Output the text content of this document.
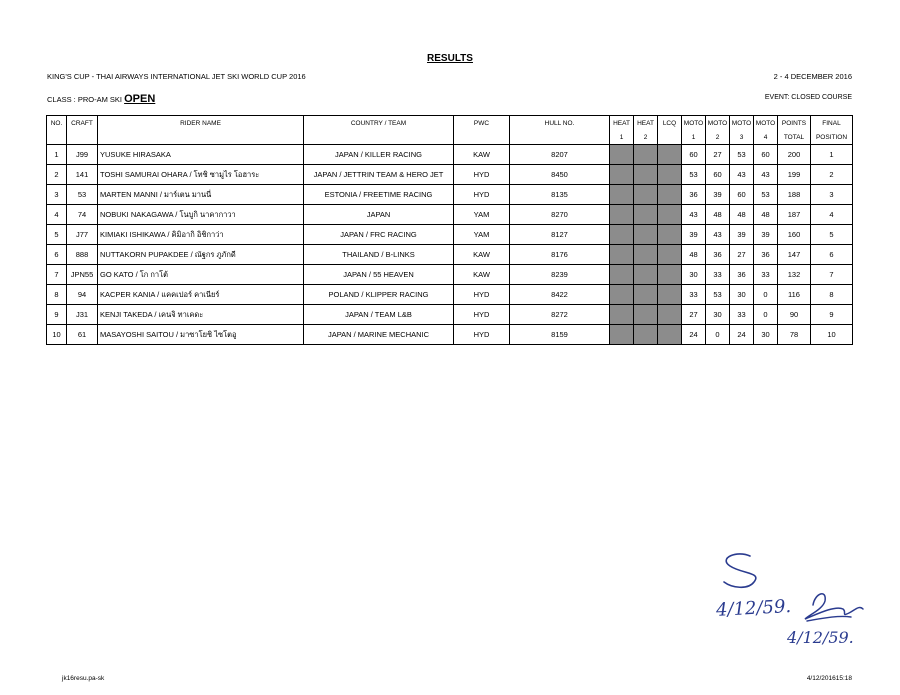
RESULTS
KING'S CUP - THAI AIRWAYS INTERNATIONAL JET SKI WORLD CUP 2016	2 - 4 DECEMBER 2016
CLASS : PRO-AM SKI OPEN	EVENT: CLOSED COURSE
NO.	CRAFT	RIDER NAME	COUNTRY / TEAM	PWC	HULL NO.	HEAT	HEAT	LCQ	MOTO	MOTO	MOTO	MOTO	POINTS	FINAL
						1	2		1	2	3	4	TOTAL	POSITION
1	J99	YUSUKE HIRASAKA	JAPAN / KILLER RACING	KAW	8207				60	27	53	60	200	1
2	141	TOSHI SAMURAI OHARA / โทชิ ซามูไร โอฮาระ	JAPAN / JETTRIN TEAM & HERO JET	HYD	8450				53	60	43	43	199	2
3	53	MARTEN MANNI / มาร์เตน มานนี่	ESTONIA / FREETIME RACING	HYD	8135				36	39	60	53	188	3
4	74	NOBUKI NAKAGAWA / โนบูกิ นาคากาวา	JAPAN	YAM	8270				43	48	48	48	187	4
5	J77	KIMIAKI ISHIKAWA / คิมิอากิ อิชิกาว่า	JAPAN / FRC RACING	YAM	8127				39	43	39	39	160	5
6	888	NUTTAKORN PUPAKDEE / ณัฐกร ภูภักดี	THAILAND / B-LINKS	KAW	8176				48	36	27	36	147	6
7	JPN55	GO KATO / โก กาโต้	JAPAN / 55 HEAVEN	KAW	8239				30	33	36	33	132	7
8	94	KACPER KANIA / แคคเปอร์ คาเนียร์	POLAND / KLIPPER RACING	HYD	8422				33	53	30	0	116	8
9	J31	KENJI TAKEDA / เคนจิ ทาเคดะ	JAPAN / TEAM L&B	HYD	8272				27	30	33	0	90	9
10	61	MASAYOSHI SAITOU / มาซาโยชิ ไซโตอู	JAPAN / MARINE MECHANIC	HYD	8159				24	0	24	30	78	10
4/12/59.
4/12/59.
jk16resu.pa-sk	4/12/201615:18
